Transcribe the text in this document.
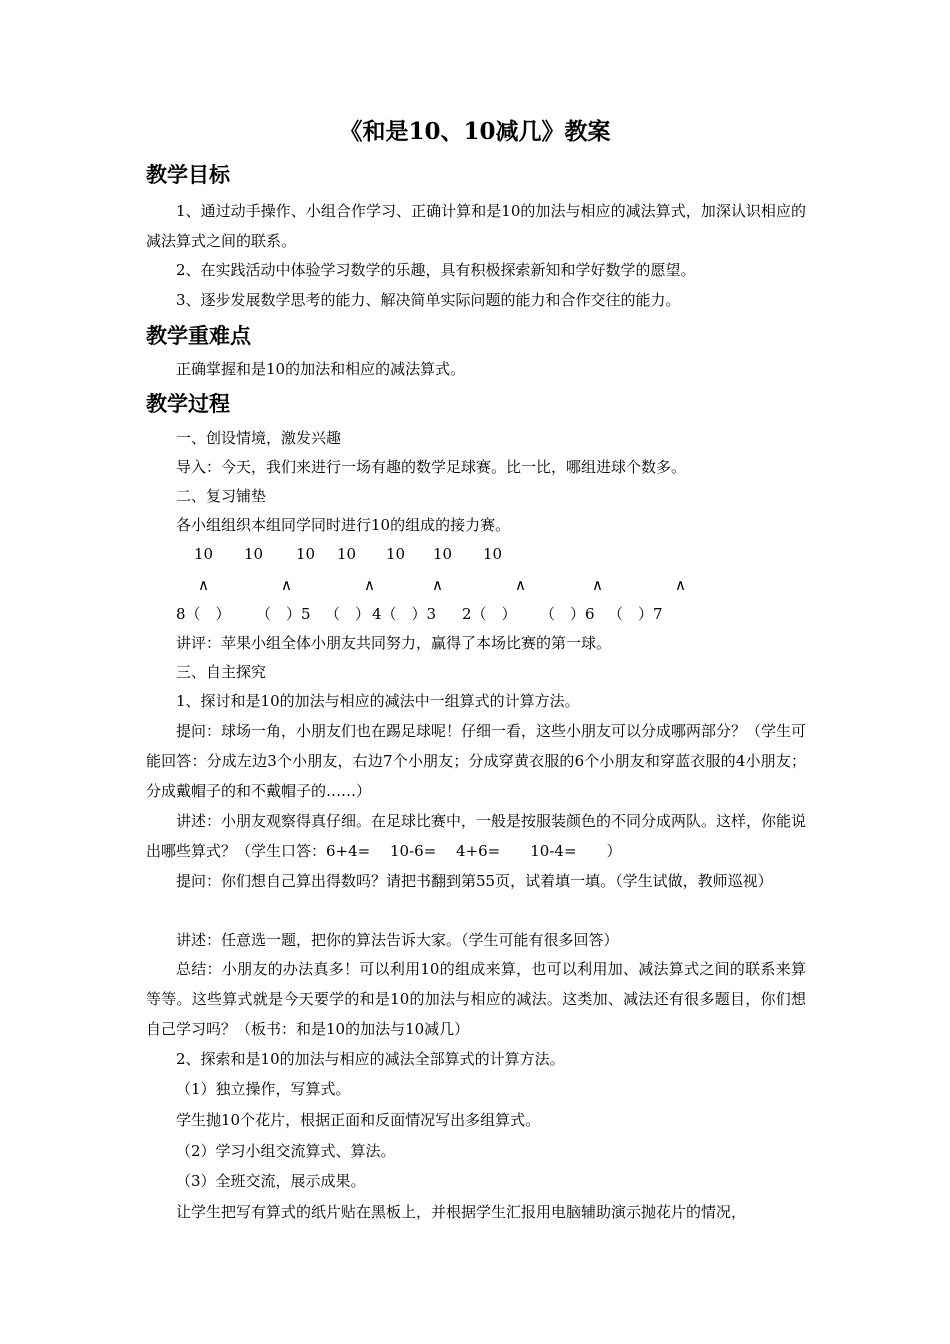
《和是10、10减几》教案
教学目标
1、通过动手操作、小组合作学习、正确计算和是10的加法与相应的减法算式，加深认识相应的减法算式之间的联系。
2、在实践活动中体验学习数学的乐趣，具有积极探索新知和学好数学的愿望。
3、逐步发展数学思考的能力、解决简单实际问题的能力和合作交往的能力。
教学重难点
正确掌握和是10的加法和相应的减法算式。
教学过程
一、创设情境，激发兴趣
导入：今天，我们来进行一场有趣的数学足球赛。比一比，哪组进球个数多。
二、复习铺垫
各小组组织本组同学同时进行10的组成的接力赛。
10 10 10 10 10 10 10
∧	∧	∧	∧	∧	∧	∧
8（　） （　）5 （　） 4（　）3 2（　） （　）6 （　）7
讲评：苹果小组全体小朋友共同努力，赢得了本场比赛的第一球。
三、自主探究
1、探讨和是10的加法与相应的减法中一组算式的计算方法。
提问：球场一角，小朋友们也在踢足球呢！仔细一看，这些小朋友可以分成哪两部分？（学生可能回答：分成左边3个小朋友，右边7个小朋友；分成穿黄衣服的6个小朋友和穿蓝衣服的4小朋友；分成戴帽子的和不戴帽子的……）
讲述：小朋友观察得真仔细。在足球比赛中，一般是按服装颜色的不同分成两队。这样，你能说出哪些算式？（学生口答：6+4=　 10-6=　 4+6=　　10-4=　　）
提问：你们想自己算出得数吗？请把书翻到第55页，试着填一填。（学生试做，教师巡视）
讲述：任意选一题，把你的算法告诉大家。（学生可能有很多回答）
总结：小朋友的办法真多！可以利用10的组成来算，也可以利用加、减法算式之间的联系来算等等。这些算式就是今天要学的和是10的加法与相应的减法。这类加、减法还有很多题目，你们想自己学习吗？（板书：和是10的加法与10减几）
2、探索和是10的加法与相应的减法全部算式的计算方法。
（1）独立操作，写算式。
学生抛10个花片，根据正面和反面情况写出多组算式。
（2）学习小组交流算式、算法。
（3）全班交流，展示成果。
让学生把写有算式的纸片贴在黑板上，并根据学生汇报用电脑辅助演示抛花片的情况，
